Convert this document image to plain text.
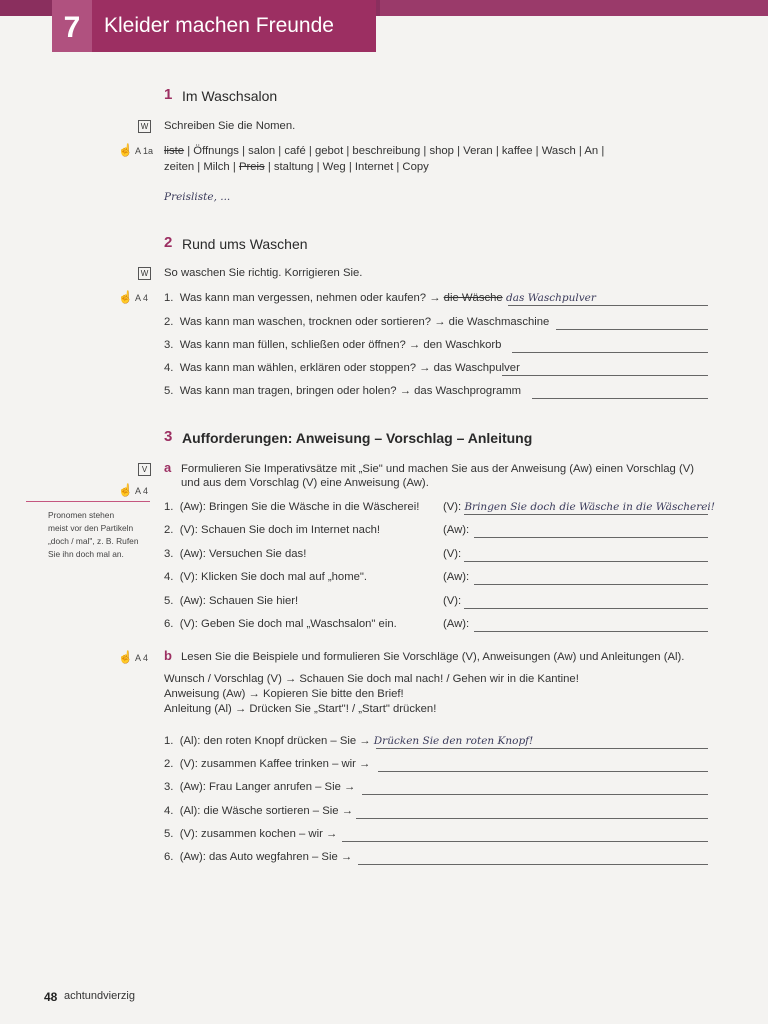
7	Kleider machen Freunde
1 Im Waschsalon
W Schreiben Sie die Nomen.
☝ A 1a liste | Öffnungs | salon | café | gebot | beschreibung | shop | Veran | kaffee | Wasch | An |
zeiten | Milch | Preis | staltung | Weg | Internet | Copy
Preisliste, ...
2 Rund ums Waschen
W So waschen Sie richtig. Korrigieren Sie.
☝ A 4 1. Was kann man vergessen, nehmen oder kaufen? → die Wäsche das Waschpulver
2. Was kann man waschen, trocknen oder sortieren? → die Waschmaschine
3. Was kann man füllen, schließen oder öffnen? → den Waschkorb
4. Was kann man wählen, erklären oder stoppen? → das Waschpulver
5. Was kann man tragen, bringen oder holen? → das Waschprogramm
3 Aufforderungen: Anweisung – Vorschlag – Anleitung
V a Formulieren Sie Imperativsätze mit „Sie" und machen Sie aus der Anweisung (Aw) einen Vorschlag (V)
und aus dem Vorschlag (V) eine Anweisung (Aw).
☝ A 4
Pronomen stehen
meist vor den Partikeln
„doch / mal", z. B. Rufen
Sie ihn doch mal an.
1. (Aw): Bringen Sie die Wäsche in die Wäscherei! (V): Bringen Sie doch die Wäsche in die Wäscherei!
2. (V): Schauen Sie doch im Internet nach!	(Aw):
3. (Aw): Versuchen Sie das!	(V):
4. (V): Klicken Sie doch mal auf „home".	(Aw):
5. (Aw): Schauen Sie hier!	(V):
6. (V): Geben Sie doch mal „Waschsalon" ein.	(Aw):
☝ A 4 b Lesen Sie die Beispiele und formulieren Sie Vorschläge (V), Anweisungen (Aw) und Anleitungen (Al).
Wunsch / Vorschlag (V) → Schauen Sie doch mal nach! / Gehen wir in die Kantine!
Anweisung (Aw) → Kopieren Sie bitte den Brief!
Anleitung (Al) → Drücken Sie „Start"! / „Start" drücken!
1. (Al): den roten Knopf drücken – Sie → Drücken Sie den roten Knopf!
2. (V): zusammen Kaffee trinken – wir →
3. (Aw): Frau Langer anrufen – Sie →
4. (Al): die Wäsche sortieren – Sie →
5. (V): zusammen kochen – wir →
6. (Aw): das Auto wegfahren – Sie →
48 achtundvierzig
